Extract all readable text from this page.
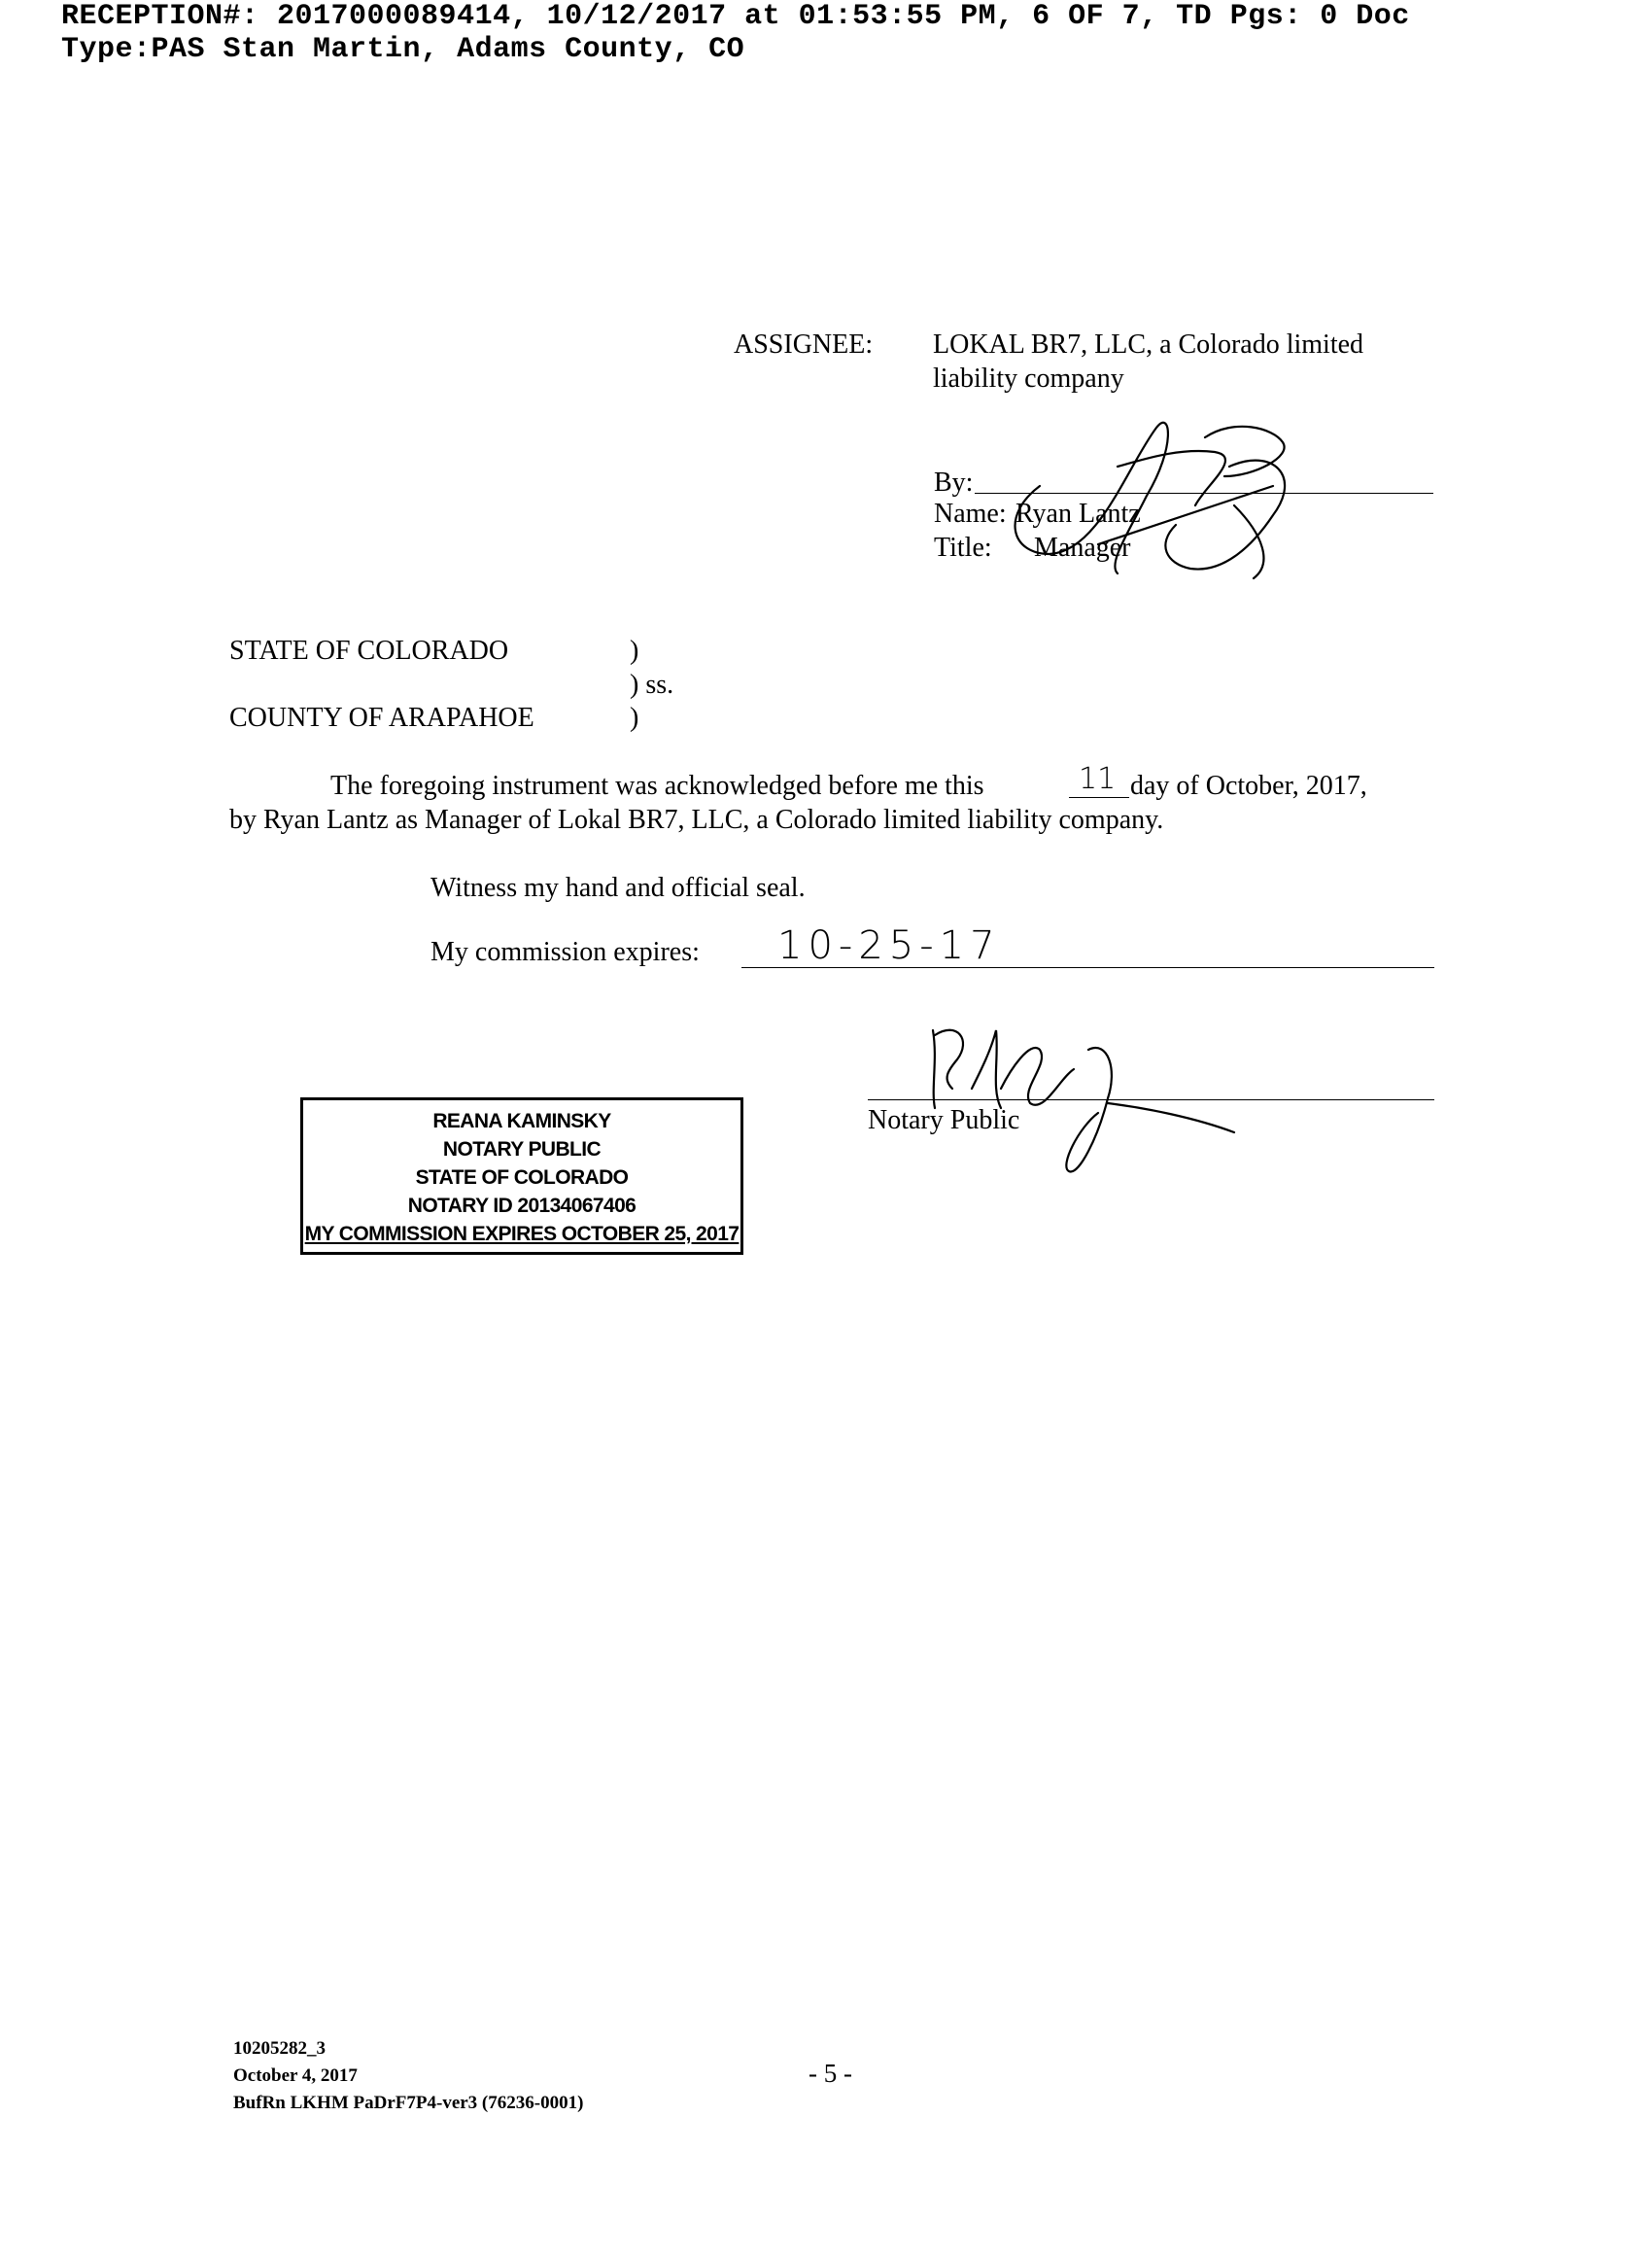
RECEPTION#: 2017000089414, 10/12/2017 at 01:53:55 PM, 6 OF 7, TD Pgs: 0 Doc
Type:PAS Stan Martin, Adams County, CO
ASSIGNEE: LOKAL BR7, LLC, a Colorado limited
liability company
By:
Name: Ryan Lantz
Title: Manager
STATE OF COLORADO	)
) ss.
COUNTY OF ARAPAHOE	)
The foregoing instrument was acknowledged before me this	11 day of October, 2017,
by Ryan Lantz as Manager of Lokal BR7, LLC, a Colorado limited liability company.
Witness my hand and official seal.
My commission expires: 10-25-17
Notary Public
REANA KAMINSKY
NOTARY PUBLIC
STATE OF COLORADO
NOTARY ID 20134067406
MY COMMISSION EXPIRES OCTOBER 25, 2017
10205282_3
October 4, 2017
BufRn LKHM PaDrF7P4-ver3 (76236-0001)
- 5 -
